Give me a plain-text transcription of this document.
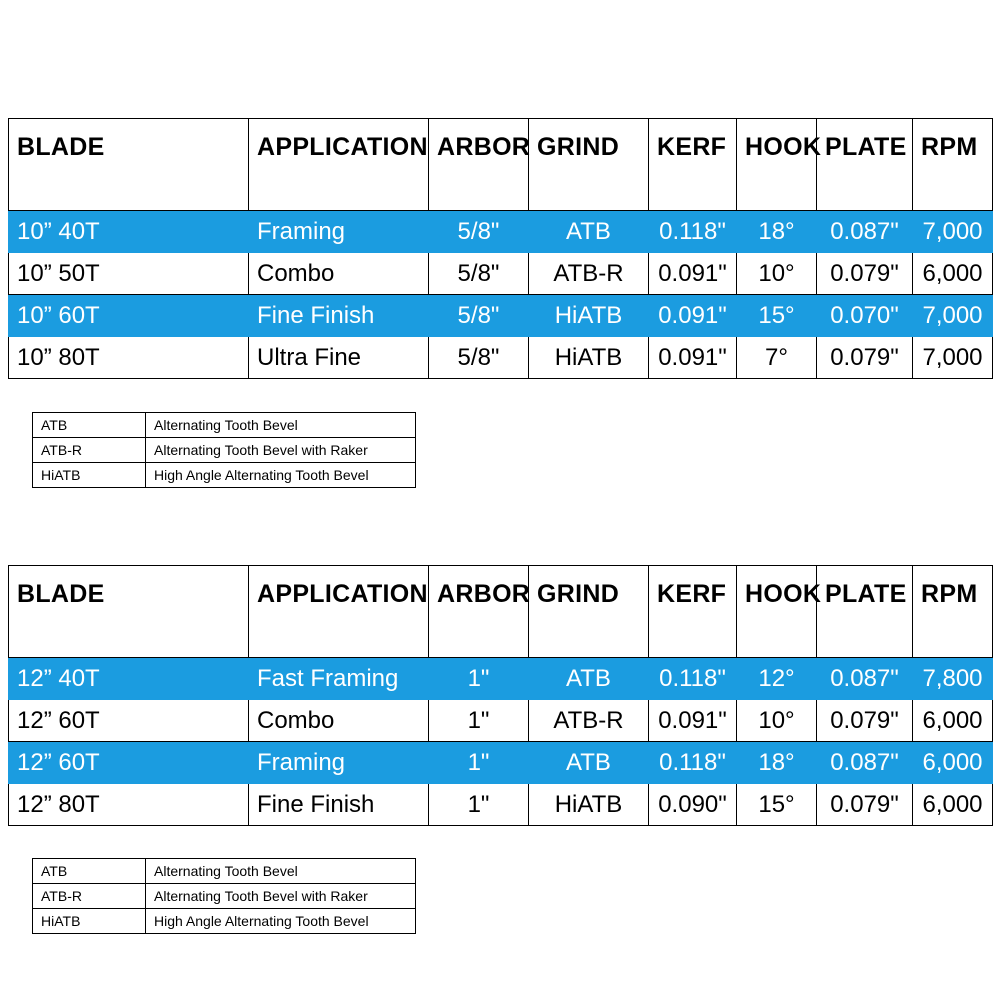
BLADE	APPLICATION	ARBOR	GRIND	KERF	HOOK	PLATE	RPM
10” 40T	Framing	5/8"	ATB	0.118"	18°	0.087"	7,000
10” 50T	Combo	5/8"	ATB-R	0.091"	10°	0.079"	6,000
10” 60T	Fine Finish	5/8"	HiATB	0.091"	15°	0.070"	7,000
10” 80T	Ultra Fine	5/8"	HiATB	0.091"	7°	0.079"	7,000
ATB	Alternating Tooth Bevel
ATB-R	Alternating Tooth Bevel with Raker
HiATB	High Angle Alternating Tooth Bevel
BLADE	APPLICATION	ARBOR	GRIND	KERF	HOOK	PLATE	RPM
12” 40T	Fast Framing	1"	ATB	0.118"	12°	0.087"	7,800
12” 60T	Combo	1"	ATB-R	0.091"	10°	0.079"	6,000
12” 60T	Framing	1"	ATB	0.118"	18°	0.087"	6,000
12” 80T	Fine Finish	1"	HiATB	0.090"	15°	0.079"	6,000
ATB	Alternating Tooth Bevel
ATB-R	Alternating Tooth Bevel with Raker
HiATB	High Angle Alternating Tooth Bevel
